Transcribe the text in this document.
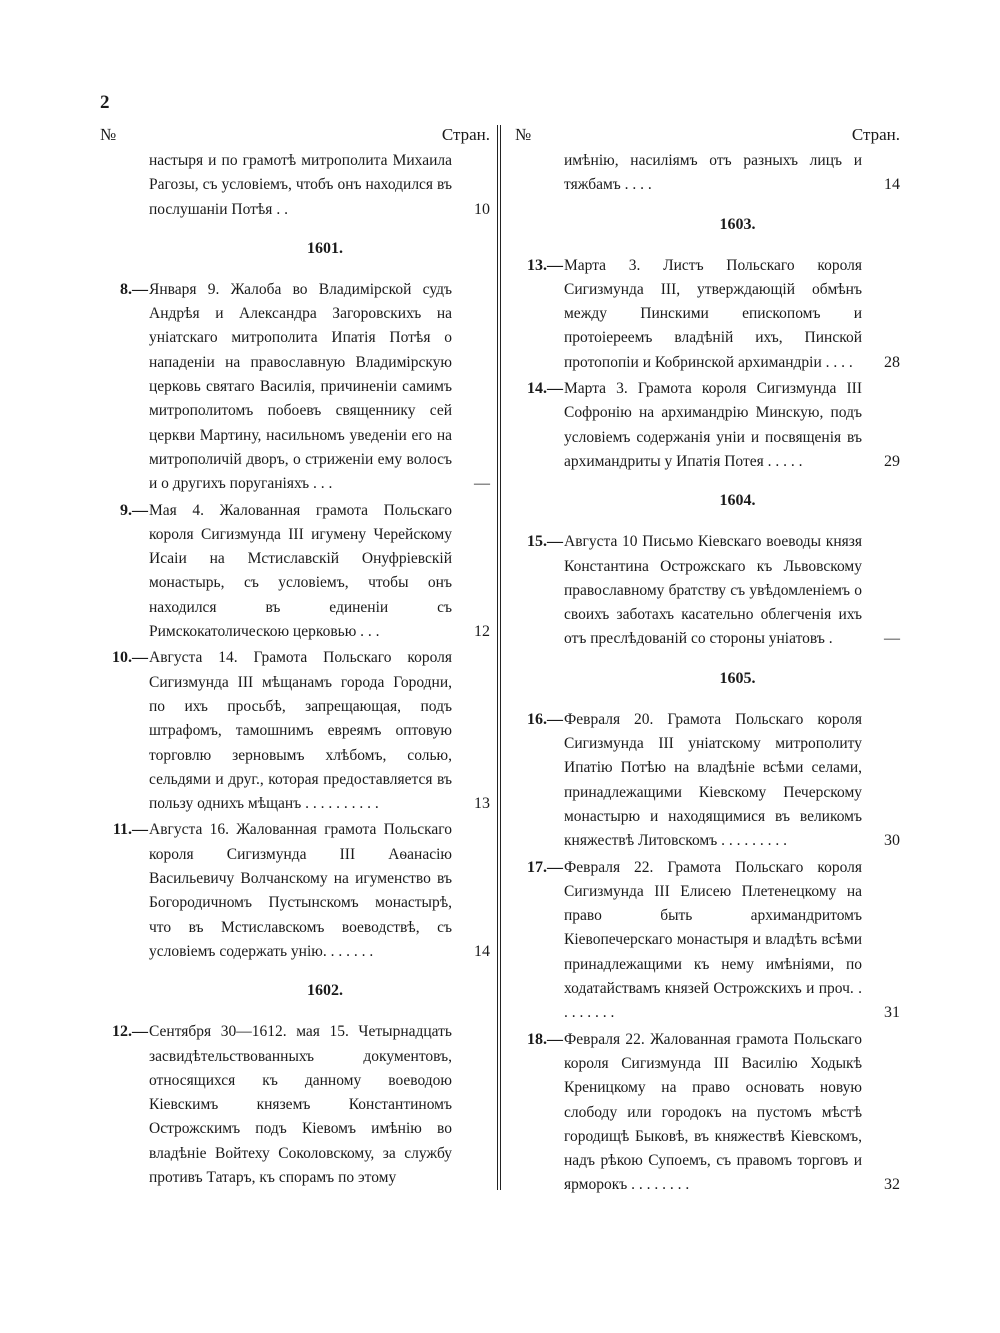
2
№	Стран.
настыря и по грамотѣ митрополита Михаила Рагозы, съ условіемъ, чтобъ онъ находился въ послушаніи Потѣя . .	10
1601.
8.— Января 9. Жалоба во Владимірской судъ Андрѣя и Александра Загоровскихъ на уніатскаго митрополита Ипатія Потѣя о нападеніи на православную Владимірскую церковь святаго Василія, причиненіи самимъ митрополитомъ побоевъ священнику сей церкви Мартину, насильномъ уведеніи его на митрополичій дворъ, о стриженіи ему волосъ и о другихъ поруганіяхъ . . .	—
9.— Мая 4. Жалованная грамота Польскаго короля Сигизмунда III игумену Черейскому Исаіи на Мстиславскій Онуфріевскій монастырь, съ условіемъ, чтобы онъ находился въ единеніи съ Римскокатолическою церковью . . .	12
10.— Августа 14. Грамота Польскаго короля Сигизмунда III мѣщанамъ города Городни, по ихъ просьбѣ, запрещающая, подъ штрафомъ, тамошнимъ евреямъ оптовую торговлю зерновымъ хлѣбомъ, солью, сельдями и друг., которая предоставляется въ пользу однихъ мѣщанъ . . . . . . . . . .	13
11.— Августа 16. Жалованная грамота Польскаго короля Сигизмунда III Аѳанасію Васильевичу Волчанскому на игуменство въ Богородичномъ Пустынскомъ монастырѣ, что въ Мстиславскомъ воеводствѣ, съ условіемъ содержать унію. . . . . . .	14
1602.
12.— Сентября 30—1612. мая 15. Четырнадцать засвидѣтельствованныхъ документовъ, относящихся къ данному воеводою Кіевскимъ княземъ Константиномъ Острожскимъ подъ Кіевомъ имѣнію во владѣніе Войтеху Соколовскому, за службу противъ Татаръ, къ спорамъ по этому
№	Стран.
имѣнію, насиліямъ отъ разныхъ лицъ и тяжбамъ . . . .	14
1603.
13.— Марта 3. Листъ Польскаго короля Сигизмунда III, утверждающій обмѣнъ между Пинскими епископомъ и протоіереемъ владѣній ихъ, Пинской протопопіи и Кобринской архимандріи . . . .	28
14.— Марта 3. Грамота короля Сигизмунда III Софронію на архимандрію Минскую, подъ условіемъ содержанія уніи и посвященія въ архимандриты у Ипатія Потея . . . . .	29
1604.
15.— Августа 10 Письмо Кіевскаго воеводы князя Константина Острожскаго къ Львовскому православному братству съ увѣдомленіемъ о своихъ заботахъ касательно облегченія ихъ отъ преслѣдованій со стороны уніатовъ .	—
1605.
16.— Февраля 20. Грамота Польскаго короля Сигизмунда III уніатскому митрополиту Ипатію Потѣю на владѣніе всѣми селами, принадлежащими Кіевскому Печерскому монастырю и находящимися въ великомъ княжествѣ Литовскомъ . . . . . . . . .	30
17.— Февраля 22. Грамота Польскаго короля Сигизмунда III Елисею Плетенецкому на право быть архимандритомъ Кіевопечерскаго монастыря и владѣть всѣми принадлежащими къ нему имѣніями, по ходатайствамъ князей Острожскихъ и проч. . . . . . . . .	31
18.— Февраля 22. Жалованная грамота Польскаго короля Сигизмунда III Василію Ходыкѣ Креницкому на право основать новую слободу или городокъ на пустомъ мѣстѣ городищѣ Быковѣ, въ княжествѣ Кіевскомъ, надъ рѣкою Супоемъ, съ правомъ торговъ и ярморокъ . . . . . . . .	32
